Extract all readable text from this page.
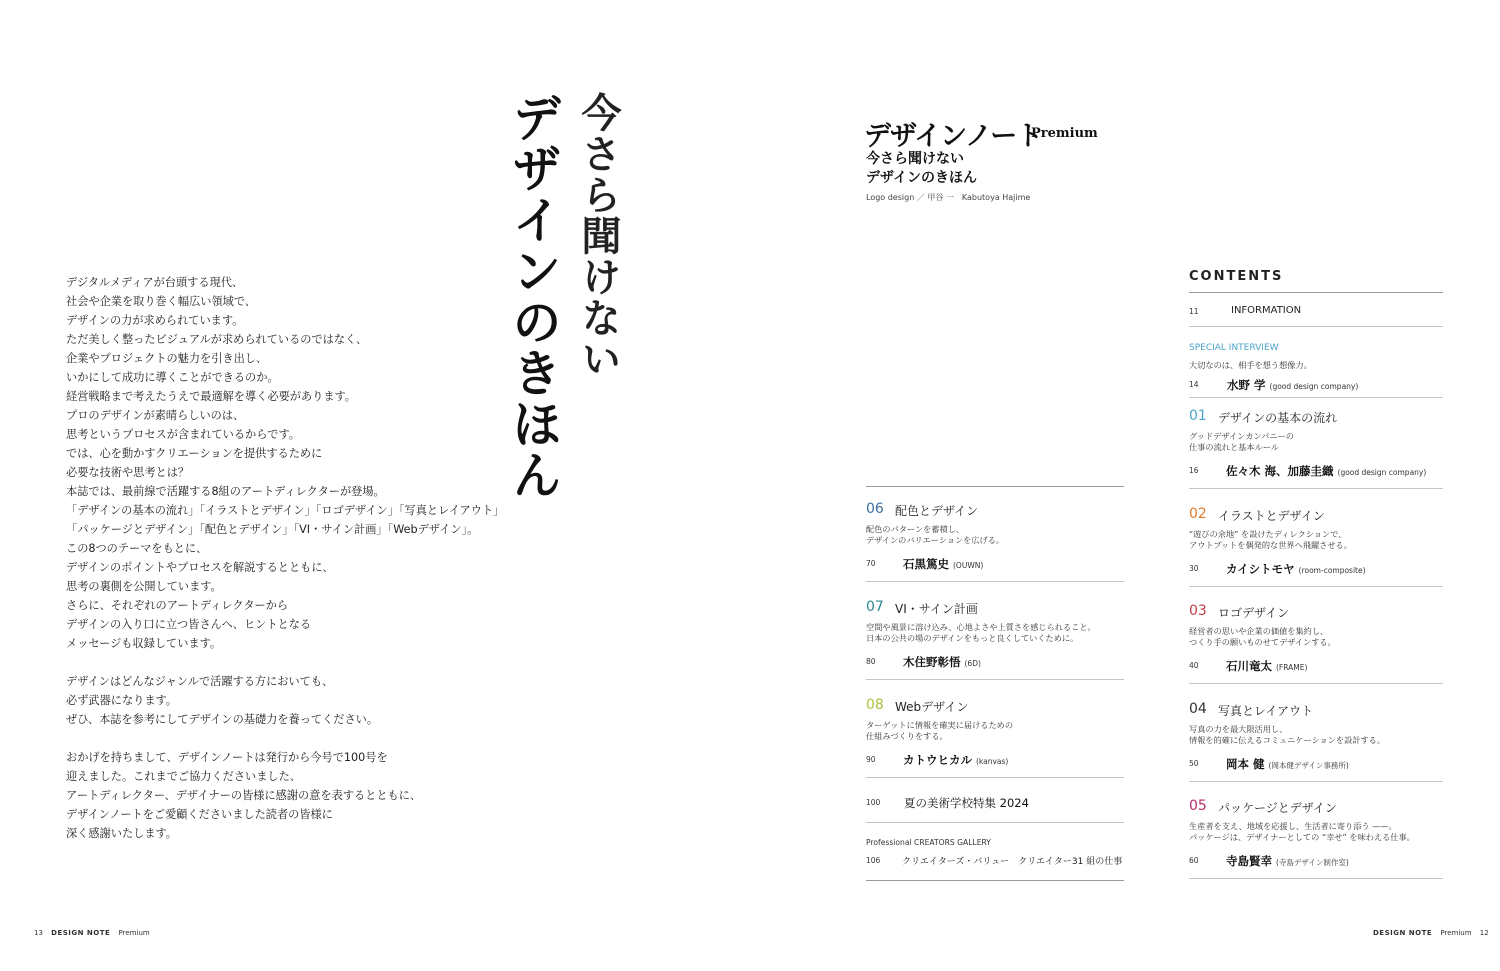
今さら聞けない
デザインのきほん
デジタルメディアが台頭する現代、
社会や企業を取り巻く幅広い領域で、
デザインの力が求められています。
ただ美しく整ったビジュアルが求められているのではなく、
企業やプロジェクトの魅力を引き出し、
いかにして成功に導くことができるのか。
経営戦略まで考えたうえで最適解を導く必要があります。
プロのデザインが素晴らしいのは、
思考というプロセスが含まれているからです。
では、心を動かすクリエーションを提供するために
必要な技術や思考とは？
本誌では、最前線で活躍する8組のアートディレクターが登場。
「デザインの基本の流れ」「イラストとデザイン」「ロゴデザイン」「写真とレイアウト」
「パッケージとデザイン」「配色とデザイン」「VI・サイン計画」「Webデザイン」。
この8つのテーマをもとに、
デザインのポイントやプロセスを解説するとともに、
思考の裏側を公開しています。
さらに、それぞれのアートディレクターから
デザインの入り口に立つ皆さんへ、ヒントとなる
メッセージも収録しています。
デザインはどんなジャンルで活躍する方においても、
必ず武器になります。
ぜひ、本誌を参考にしてデザインの基礎力を養ってください。
おかげを持ちまして、デザインノートは発行から今号で100号を
迎えました。これまでご協力くださいました、
アートディレクター、デザイナーの皆様に感謝の意を表するとともに、
デザインノートをご愛顧くださいました読者の皆様に
深く感謝いたします。
デザインノート
Premium
今さら聞けない
デザインのきほん
Logo design ／ 甲谷 一　Kabutoya Hajime
CONTENTS
11	INFORMATION
SPECIAL INTERVIEW
大切なのは、相手を想う想像力。
14 水野 学 (good design company)
01 デザインの基本の流れ
グッドデザインカンパニーの
仕事の流れと基本ルール
16 佐々木 海、加藤圭織 (good design company)
02 イラストとデザイン
“遊びの余地” を設けたディレクションで、
アウトプットを偶発的な世界へ飛躍させる。
30 カイシトモヤ (room-composite)
03 ロゴデザイン
経営者の思いや企業の価値を集約し、
つくり手の願いものせてデザインする。
40 石川竜太 (FRAME)
04 写真とレイアウト
写真の力を最大限活用し、
情報を的確に伝えるコミュニケーションを設計する。
50 岡本 健 (岡本健デザイン事務所)
05 パッケージとデザイン
生産者を支え、地域を応援し、生活者に寄り添う ——。
パッケージは、デザイナーとしての “幸せ” を味わえる仕事。
60 寺島賢幸 (寺島デザイン制作室)
06 配色とデザイン
配色のパターンを蓄積し、
デザインのバリエーションを広げる。
70 石黒篤史 (OUWN)
07 VI・サイン計画
空間や風景に溶け込み、心地よさや上質さを感じられること。
日本の公共の場のデザインをもっと良くしていくために。
80 木住野彰悟 (6D)
08 Webデザイン
ターゲットに情報を確実に届けるための
仕組みづくりをする。
90 カトウヒカル (kanvas)
100 夏の美術学校特集 2024
Professional CREATORS GALLERY
106 クリエイターズ・バリュー　クリエイター31 組の仕事
13 DESIGN NOTE Premium	DESIGN NOTE Premium 12
